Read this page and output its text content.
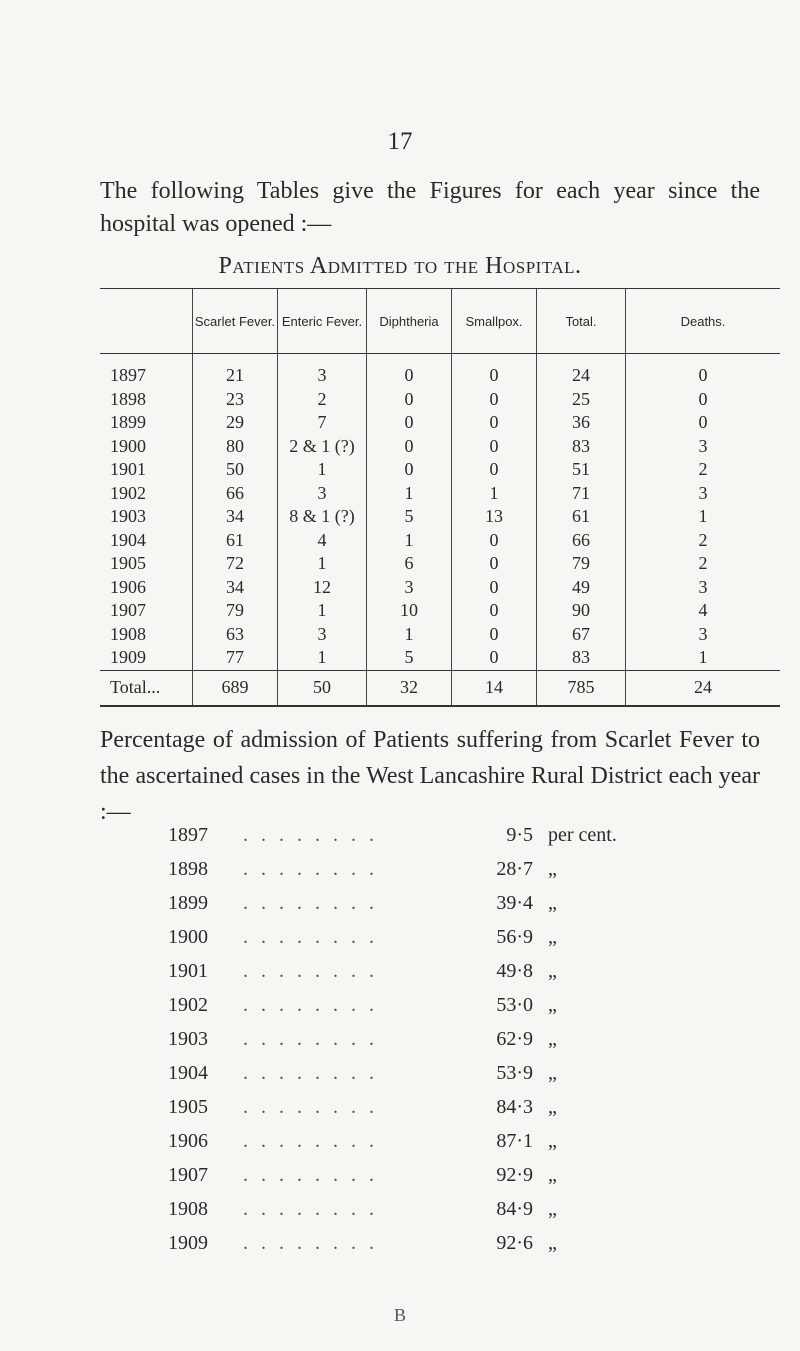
17
The following Tables give the Figures for each year since the hospital was opened :—
Patients Admitted to the Hospital.
	Scarlet Fever.	Enteric Fever.	Diphtheria	Smallpox.	Total.	Deaths.
1897	21	3	0	0	24	0
1898	23	2	0	0	25	0
1899	29	7	0	0	36	0
1900	80	2 & 1 (?)	0	0	83	3
1901	50	1	0	0	51	2
1902	66	3	1	1	71	3
1903	34	8 & 1 (?)	5	13	61	1
1904	61	4	1	0	66	2
1905	72	1	6	0	79	2
1906	34	12	3	0	49	3
1907	79	1	10	0	90	4
1908	63	3	1	0	67	3
1909	77	1	5	0	83	1
Total...	689	50	32	14	785	24
Percentage of admission of Patients suffering from Scarlet Fever to the ascertained cases in the West Lancashire Rural District each year :—
1897	. . . . . . . .	9·5 per cent.
1898	. . . . . . . .	28·7 „
1899	. . . . . . . .	39·4 „
1900	. . . . . . . .	56·9 „
1901	. . . . . . . .	49·8 „
1902	. . . . . . . .	53·0 „
1903	. . . . . . . .	62·9 „
1904	. . . . . . . .	53·9 „
1905	. . . . . . . .	84·3 „
1906	. . . . . . . .	87·1 „
1907	. . . . . . . .	92·9 „
1908	. . . . . . . .	84·9 „
1909	. . . . . . . .	92·6 „
B
